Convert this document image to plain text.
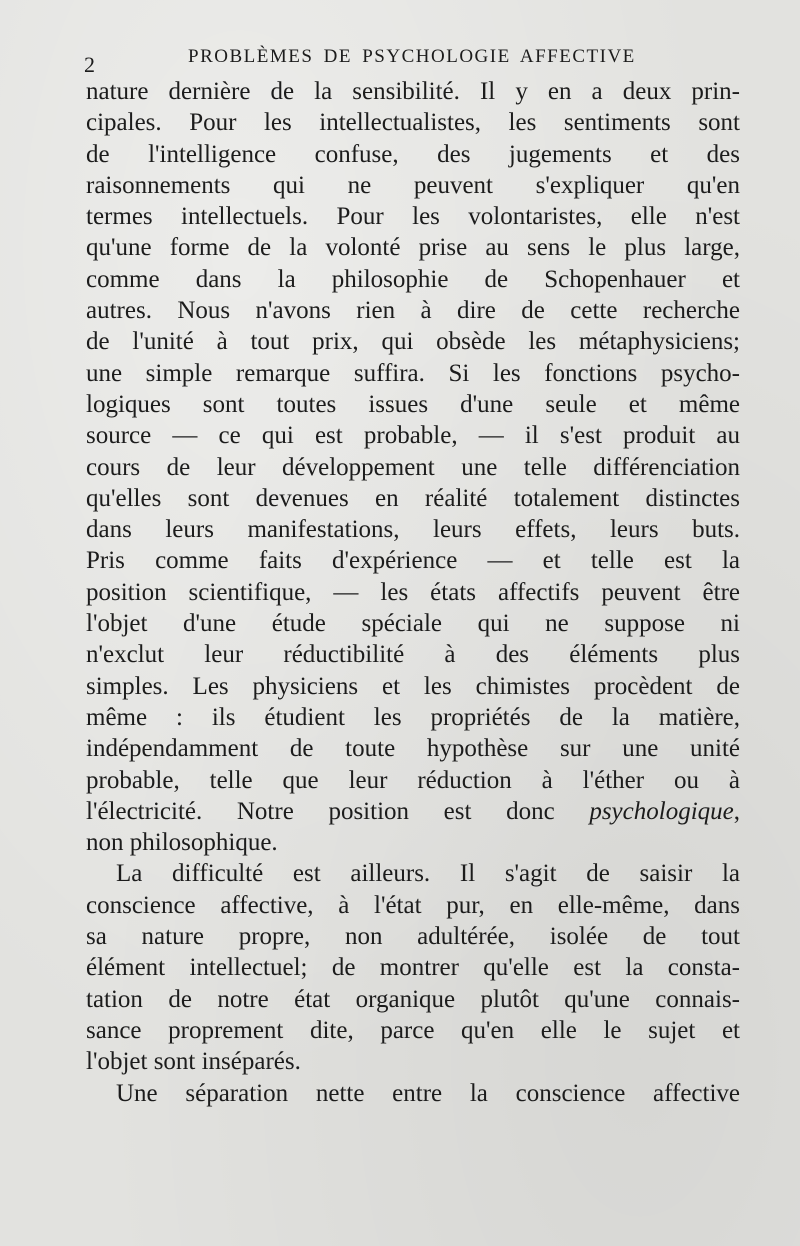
2	PROBLÈMES DE PSYCHOLOGIE AFFECTIVE
nature dernière de la sensibilité. Il y en a deux prin-
cipales. Pour les intellectualistes, les sentiments sont
de l'intelligence confuse, des jugements et des
raisonnements qui ne peuvent s'expliquer qu'en
termes intellectuels. Pour les volontaristes, elle n'est
qu'une forme de la volonté prise au sens le plus large,
comme dans la philosophie de Schopenhauer et
autres. Nous n'avons rien à dire de cette recherche
de l'unité à tout prix, qui obsède les métaphysiciens;
une simple remarque suffira. Si les fonctions psycho-
logiques sont toutes issues d'une seule et même
source — ce qui est probable, — il s'est produit au
cours de leur développement une telle différenciation
qu'elles sont devenues en réalité totalement distinctes
dans leurs manifestations, leurs effets, leurs buts.
Pris comme faits d'expérience — et telle est la
position scientifique, — les états affectifs peuvent être
l'objet d'une étude spéciale qui ne suppose ni
n'exclut leur réductibilité à des éléments plus
simples. Les physiciens et les chimistes procèdent de
même : ils étudient les propriétés de la matière,
indépendamment de toute hypothèse sur une unité
probable, telle que leur réduction à l'éther ou à
l'électricité. Notre position est donc psychologique,
non philosophique.
La difficulté est ailleurs. Il s'agit de saisir la
conscience affective, à l'état pur, en elle-même, dans
sa nature propre, non adultérée, isolée de tout
élément intellectuel; de montrer qu'elle est la consta-
tation de notre état organique plutôt qu'une connais-
sance proprement dite, parce qu'en elle le sujet et
l'objet sont inséparés.
Une séparation nette entre la conscience affective
